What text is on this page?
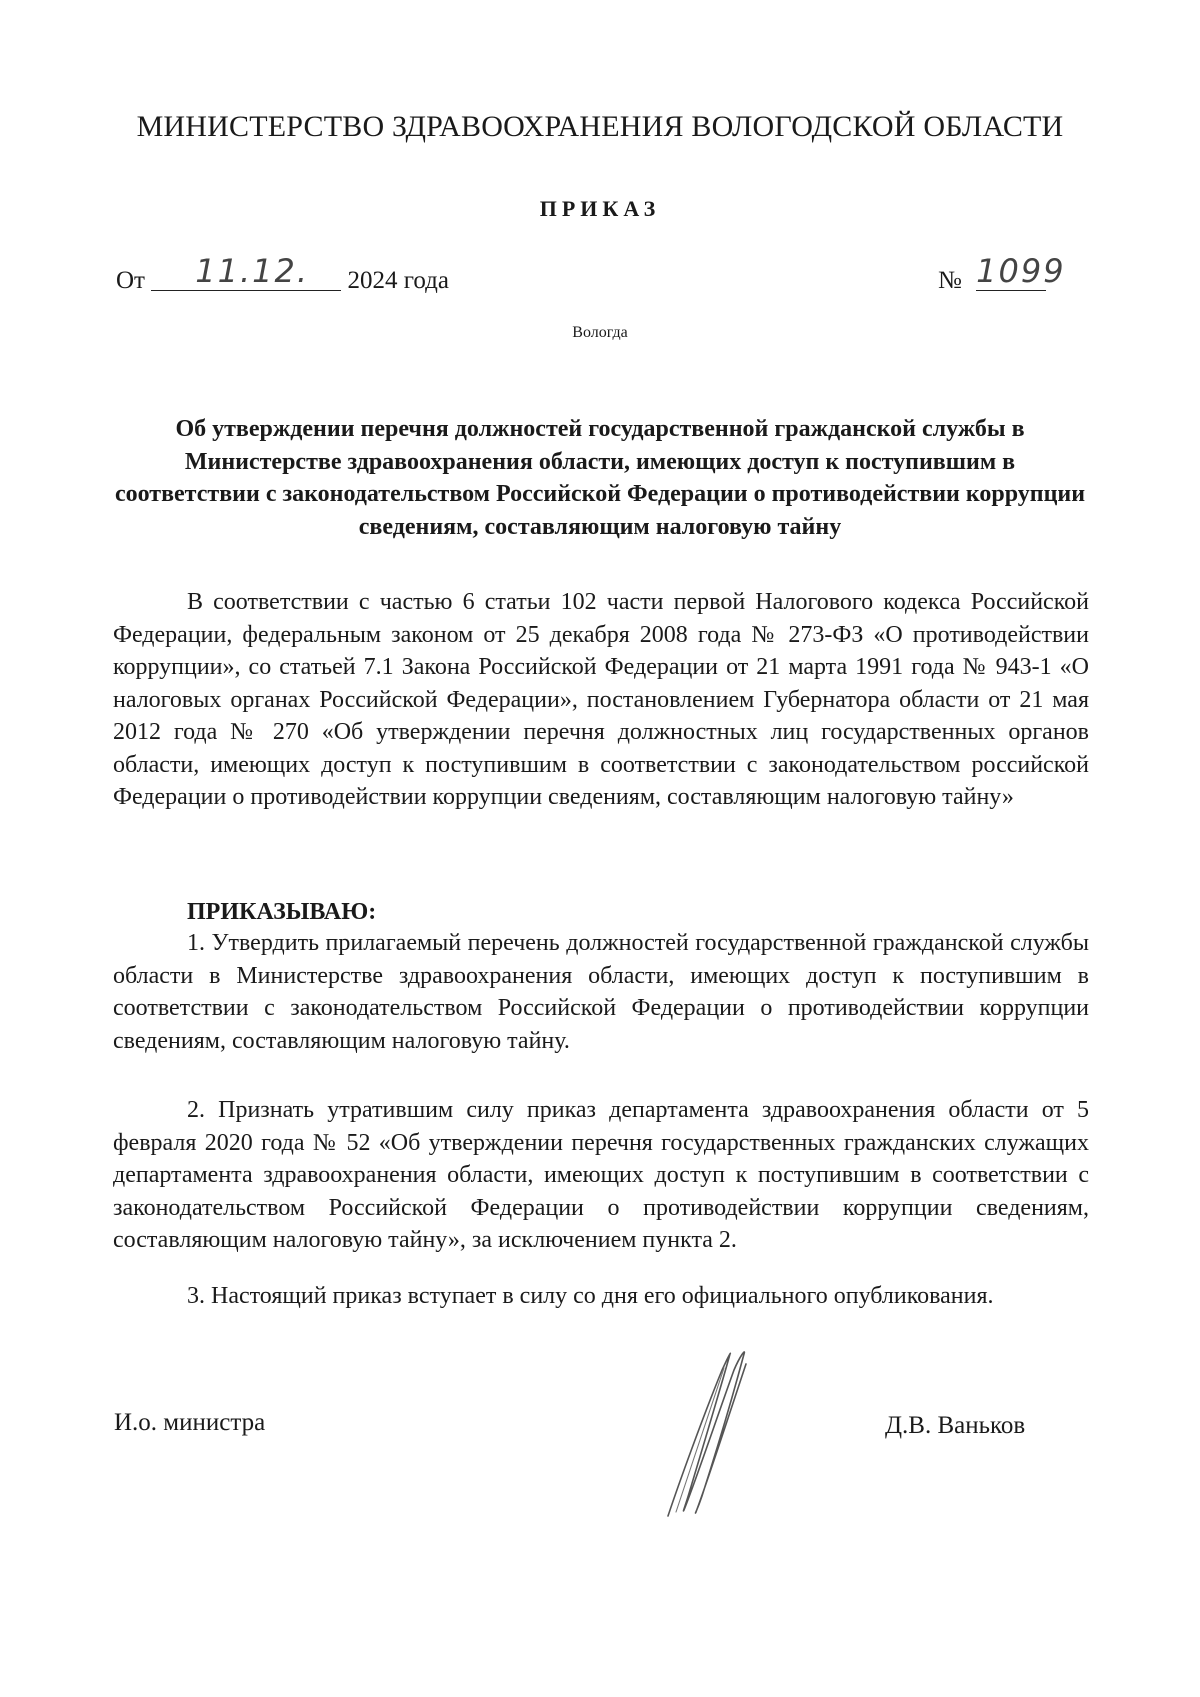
МИНИСТЕРСТВО ЗДРАВООХРАНЕНИЯ ВОЛОГОДСКОЙ ОБЛАСТИ
ПРИКАЗ
От 11.12. 2024 года	№ 1099
Вологда
Об утверждении перечня должностей государственной гражданской службы в Министерстве здравоохранения области, имеющих доступ к поступившим в соответствии с законодательством Российской Федерации о противодействии коррупции сведениям, составляющим налоговую тайну
В соответствии с частью 6 статьи 102 части первой Налогового кодекса Российской Федерации, федеральным законом от 25 декабря 2008 года № 273-ФЗ «О противодействии коррупции», со статьей 7.1 Закона Российской Федерации от 21 марта 1991 года № 943-1 «О налоговых органах Российской Федерации», постановлением Губернатора области от 21 мая 2012 года № 270 «Об утверждении перечня должностных лиц государственных органов области, имеющих доступ к поступившим в соответствии с законодательством российской Федерации о противодействии коррупции сведениям, составляющим налоговую тайну»
ПРИКАЗЫВАЮ:
1. Утвердить прилагаемый перечень должностей государственной гражданской службы области в Министерстве здравоохранения области, имеющих доступ к поступившим в соответствии с законодательством Российской Федерации о противодействии коррупции сведениям, составляющим налоговую тайну.
2. Признать утратившим силу приказ департамента здравоохранения области от 5 февраля 2020 года № 52 «Об утверждении перечня государственных гражданских служащих департамента здравоохранения области, имеющих доступ к поступившим в соответствии с законодательством Российской Федерации о противодействии коррупции сведениям, составляющим налоговую тайну», за исключением пункта 2.
3. Настоящий приказ вступает в силу со дня его официального опубликования.
И.о. министра	Д.В. Ваньков
